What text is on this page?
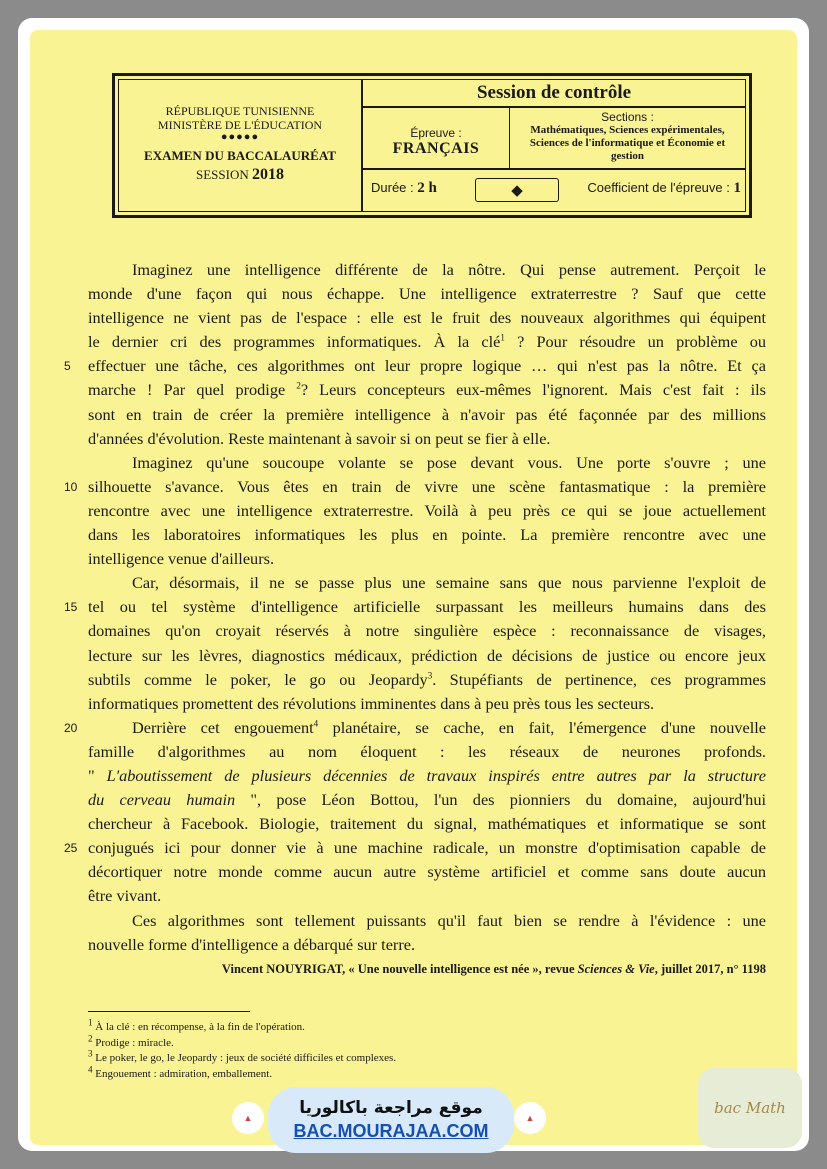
RÉPUBLIQUE TUNISIENNE
MINISTÈRE DE L'ÉDUCATION
●●●●●
EXAMEN DU BACCALAURÉAT
SESSION 2018
Session de contrôle
Épreuve :
FRANÇAIS
Sections :
Mathématiques, Sciences expérimentales, Sciences de l'informatique et Économie et gestion
Durée : 2 h	◆	Coefficient de l'épreuve : 1
Imaginez une intelligence différente de la nôtre. Qui pense autrement. Perçoit le
monde d'une façon qui nous échappe. Une intelligence extraterrestre ? Sauf que cette
intelligence ne vient pas de l'espace : elle est le fruit des nouveaux algorithmes qui équipent
le dernier cri des programmes informatiques. À la clé$^1$ ? Pour résoudre un problème ou
5 effectuer une tâche, ces algorithmes ont leur propre logique … qui n'est pas la nôtre. Et ça
marche ! Par quel prodige $^2$? Leurs concepteurs eux-mêmes l'ignorent. Mais c'est fait : ils
sont en train de créer la première intelligence à n'avoir pas été façonnée par des millions
d'années d'évolution. Reste maintenant à savoir si on peut se fier à elle.
Imaginez qu'une soucoupe volante se pose devant vous. Une porte s'ouvre ; une
10 silhouette s'avance. Vous êtes en train de vivre une scène fantasmatique : la première
rencontre avec une intelligence extraterrestre. Voilà à peu près ce qui se joue actuellement
dans les laboratoires informatiques les plus en pointe. La première rencontre avec une
intelligence venue d'ailleurs.
Car, désormais, il ne se passe plus une semaine sans que nous parvienne l'exploit de
15 tel ou tel système d'intelligence artificielle surpassant les meilleurs humains dans des
domaines qu'on croyait réservés à notre singulière espèce : reconnaissance de visages,
lecture sur les lèvres, diagnostics médicaux, prédiction de décisions de justice ou encore jeux
subtils comme le poker, le go ou Jeopardy$^3$. Stupéfiants de pertinence, ces programmes
informatiques promettent des révolutions imminentes dans à peu près tous les secteurs.
20	Derrière cet engouement$^4$ planétaire, se cache, en fait, l'émergence d'une nouvelle
famille d'algorithmes au nom éloquent : les réseaux de neurones profonds.
" L'aboutissement de plusieurs décennies de travaux inspirés entre autres par la structure
du cerveau humain ", pose Léon Bottou, l'un des pionniers du domaine, aujourd'hui
chercheur à Facebook. Biologie, traitement du signal, mathématiques et informatique se sont
25 conjugués ici pour donner vie à une machine radicale, un monstre d'optimisation capable de
décortiquer notre monde comme aucun autre système artificiel et comme sans doute aucun
être vivant.
Ces algorithmes sont tellement puissants qu'il faut bien se rendre à l'évidence : une
nouvelle forme d'intelligence a débarqué sur terre.
Vincent NOUYRIGAT, « Une nouvelle intelligence est née », revue Sciences & Vie, juillet 2017, n° 1198
$^1$ À la clé : en récompense, à la fin de l'opération.
$^2$ Prodige : miracle.
$^3$ Le poker, le go, le Jeopardy : jeux de société difficiles et complexes.
$^4$ Engouement : admiration, emballement.
▲	موقع مراجعة باكالوريا
BAC.MOURAJAA.COM
▲
bac Math
